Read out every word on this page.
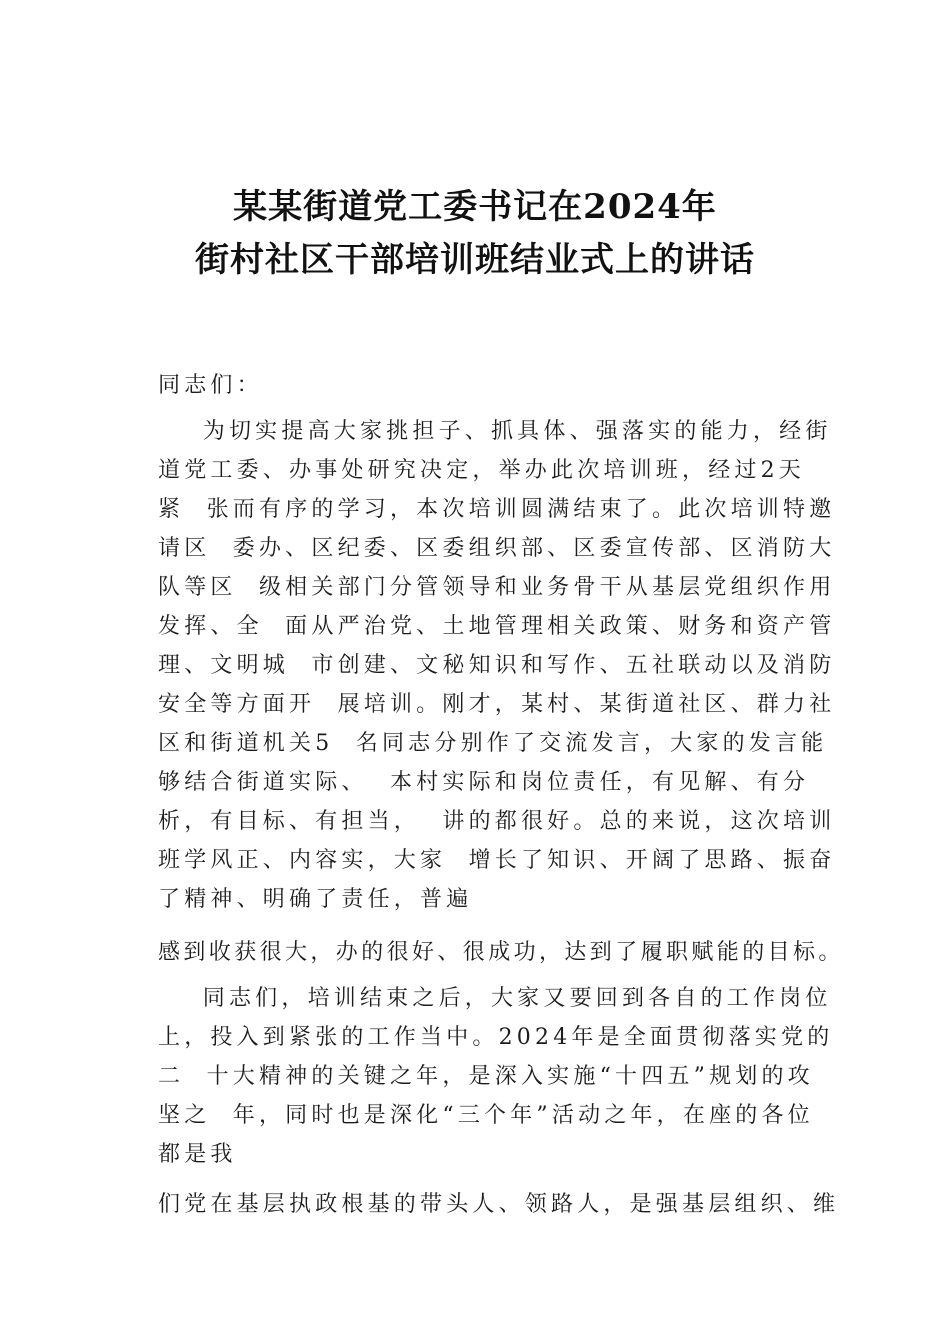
某某街道党工委书记在2024年
街村社区干部培训班结业式上的讲话
同志们：
为切实提高大家挑担子、抓具体、强落实的能力，经街
道党工委、办事处研究决定，举办此次培训班，经过2天
紧  张而有序的学习，本次培训圆满结束了。此次培训特邀
请区  委办、区纪委、区委组织部、区委宣传部、区消防大
队等区  级相关部门分管领导和业务骨干从基层党组织作用
发挥、全  面从严治党、土地管理相关政策、财务和资产管
理、文明城  市创建、文秘知识和写作、五社联动以及消防
安全等方面开  展培训。刚才，某村、某街道社区、群力社
区和街道机关5  名同志分别作了交流发言，大家的发言能
够结合街道实际、  本村实际和岗位责任，有见解、有分
析，有目标、有担当，  讲的都很好。总的来说，这次培训
班学风正、内容实，大家  增长了知识、开阔了思路、振奋
了精神、明确了责任，普遍
感到收获很大，办的很好、很成功，达到了履职赋能的目标。
同志们，培训结束之后，大家又要回到各自的工作岗位
上，投入到紧张的工作当中。2024年是全面贯彻落实党的
二  十大精神的关键之年，是深入实施“十四五”规划的攻
坚之  年，同时也是深化“三个年”活动之年，在座的各位
都是我
们党在基层执政根基的带头人、领路人，是强基层组织、维
